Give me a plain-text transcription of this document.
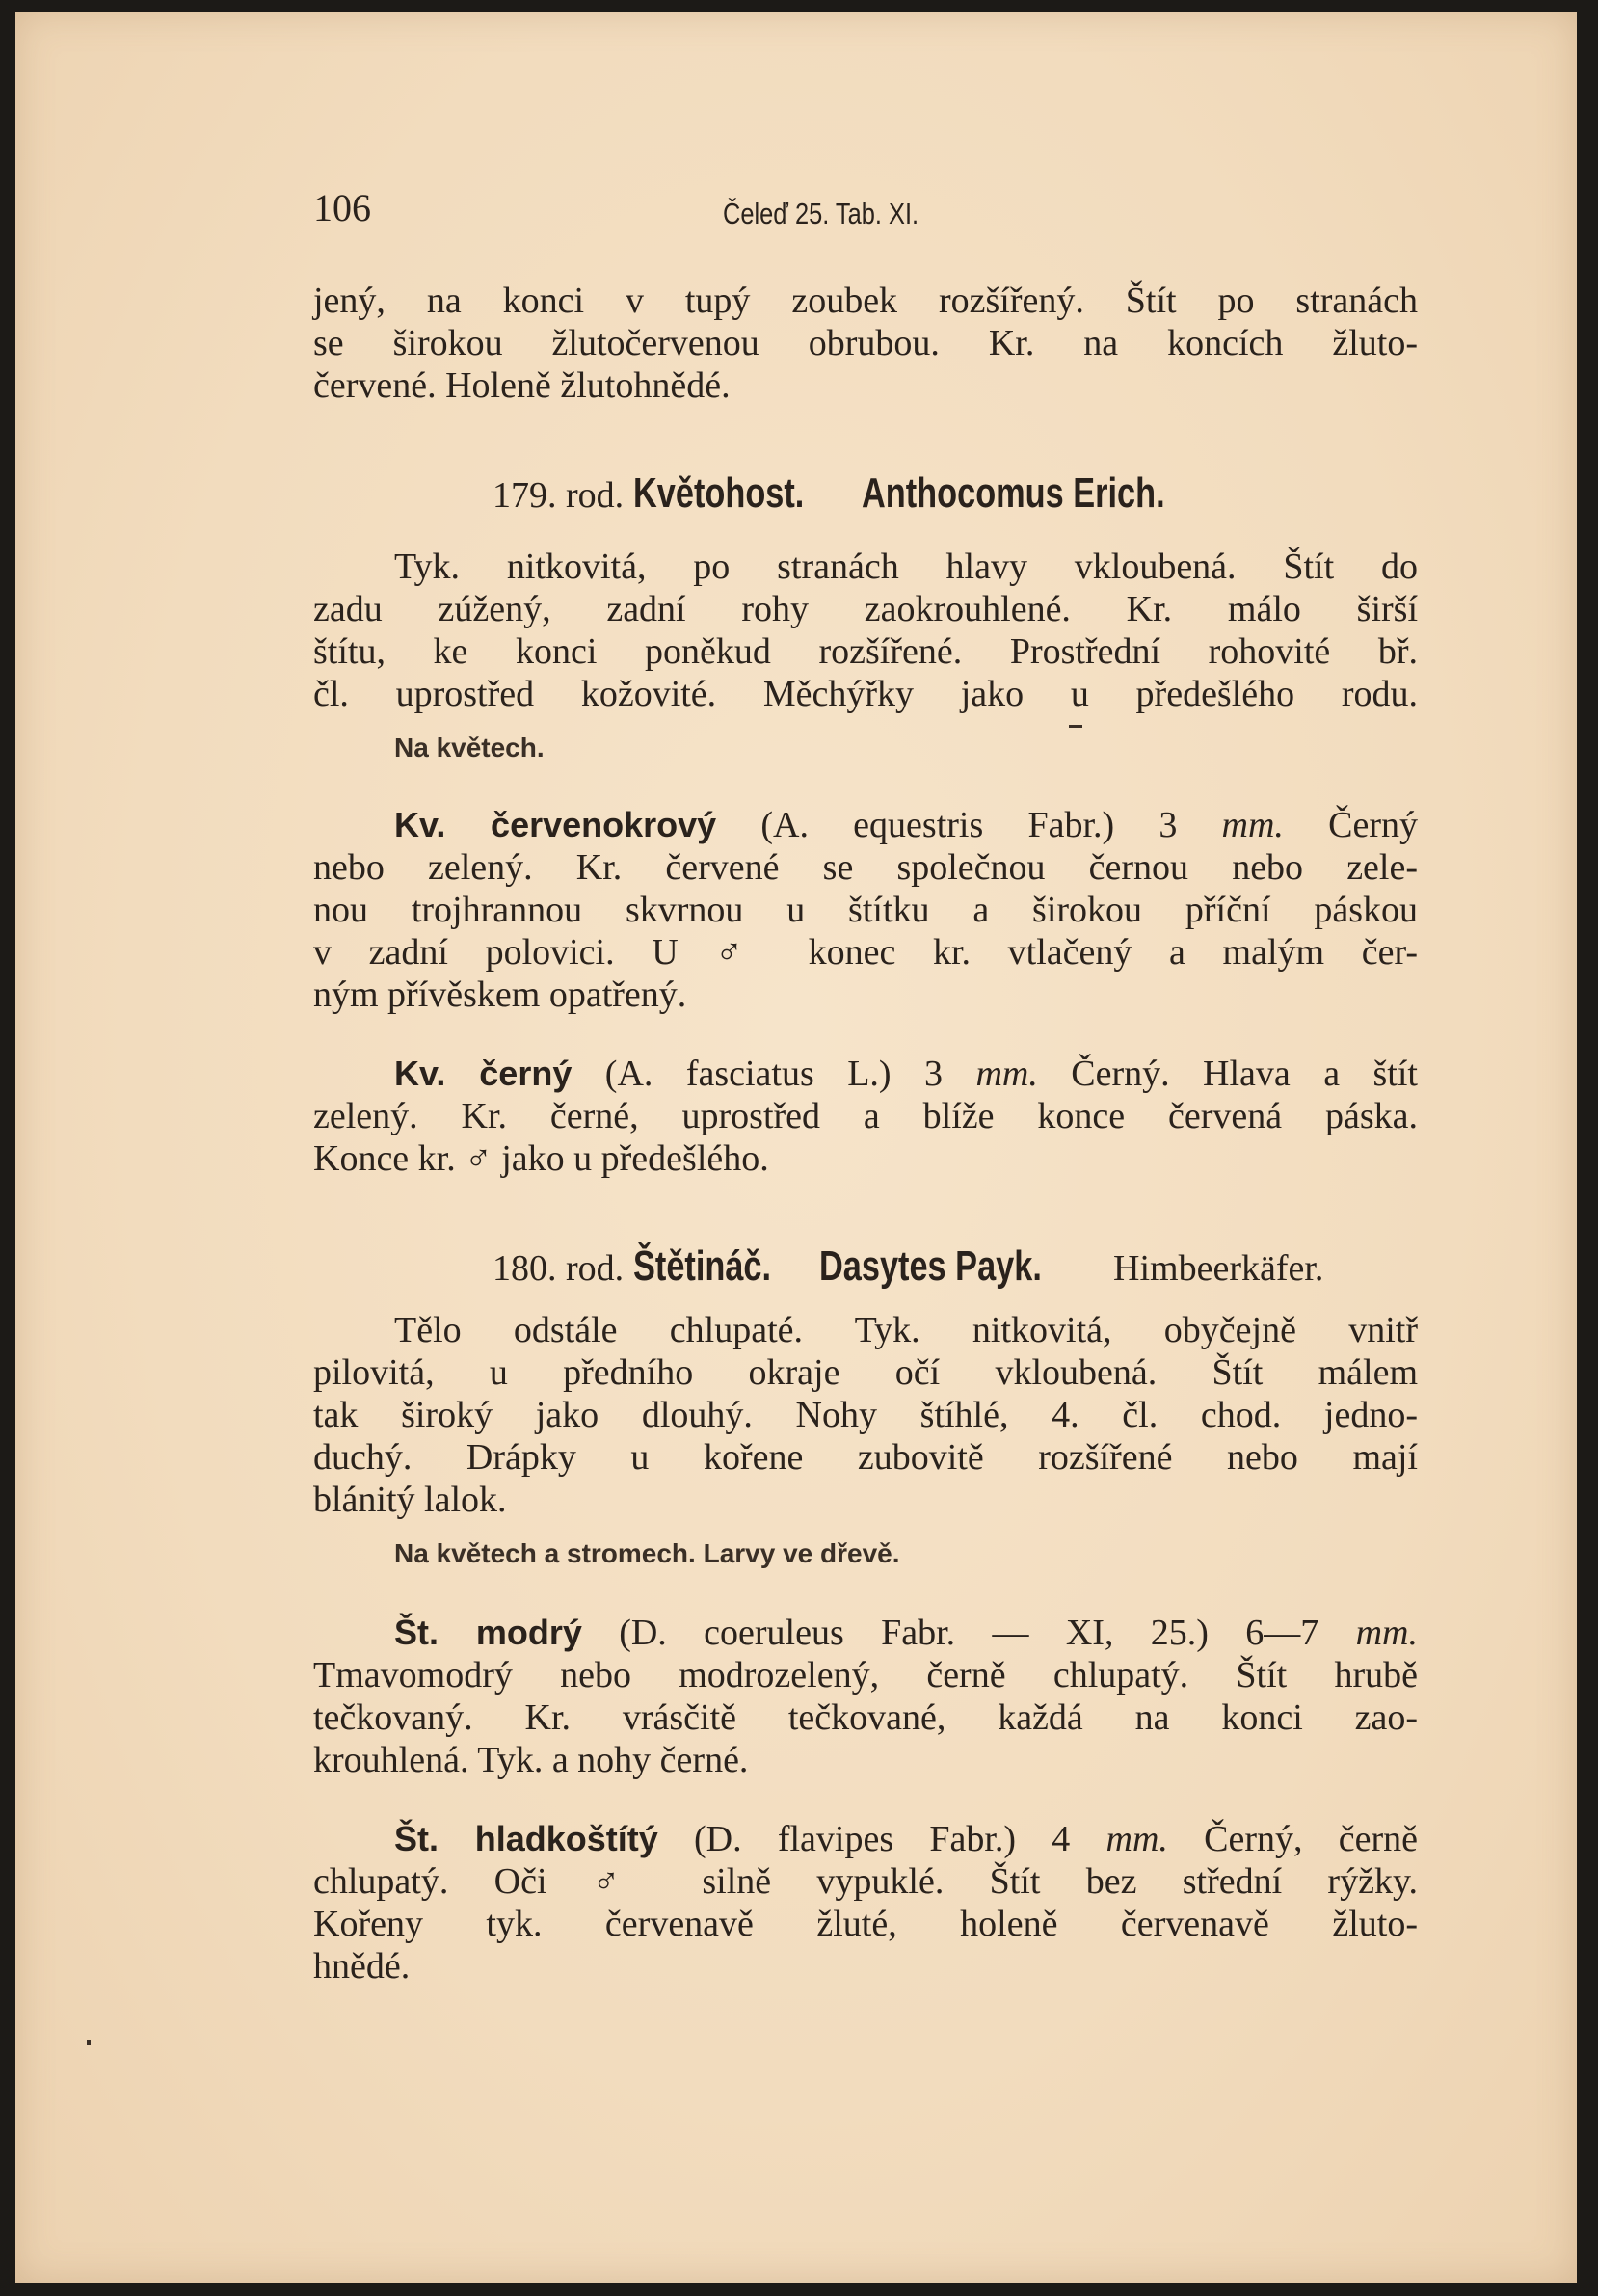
106	Čeleď 25. Tab. XI.
jený, na konci v tupý zoubek rozšířený. Štít po stranách
se širokou žlutočervenou obrubou. Kr. na koncích žluto-
červené. Holeně žlutohnědé.
179. rod. Květohost. Anthocomus Erich.
Tyk. nitkovitá, po stranách hlavy vkloubená. Štít do
zadu zúžený, zadní rohy zaokrouhlené. Kr. málo širší
štítu, ke konci poněkud rozšířené. Prostřední rohovité bř.
čl. uprostřed kožovité. Měchýřky jako u předešlého rodu.
Na květech.
Kv. červenokrový (A. equestris Fabr.) 3 mm. Černý
nebo zelený. Kr. červené se společnou černou nebo zele-
nou trojhrannou skvrnou u štítku a širokou příční páskou
v zadní polovici. U ♂ konec kr. vtlačený a malým čer-
ným přívěskem opatřený.
Kv. černý (A. fasciatus L.) 3 mm. Černý. Hlava a štít
zelený. Kr. černé, uprostřed a blíže konce červená páska.
Konce kr. ♂ jako u předešlého.
180. rod. Štětináč. Dasytes Payk. Himbeerkäfer.
Tělo odstále chlupaté. Tyk. nitkovitá, obyčejně vnitř
pilovitá, u předního okraje očí vkloubená. Štít málem
tak široký jako dlouhý. Nohy štíhlé, 4. čl. chod. jedno-
duchý. Drápky u kořene zubovitě rozšířené nebo mají
blánitý lalok.
Na květech a stromech. Larvy ve dřevě.
Št. modrý (D. coeruleus Fabr. — XI, 25.) 6—7 mm.
Tmavomodrý nebo modrozelený, černě chlupatý. Štít hrubě
tečkovaný. Kr. vrásčitě tečkované, každá na konci zao-
krouhlená. Tyk. a nohy černé.
Št. hladkoštítý (D. flavipes Fabr.) 4 mm. Černý, černě
chlupatý. Oči ♂ silně vypuklé. Štít bez střední rýžky.
Kořeny tyk. červenavě žluté, holeně červenavě žluto-
hnědé.
